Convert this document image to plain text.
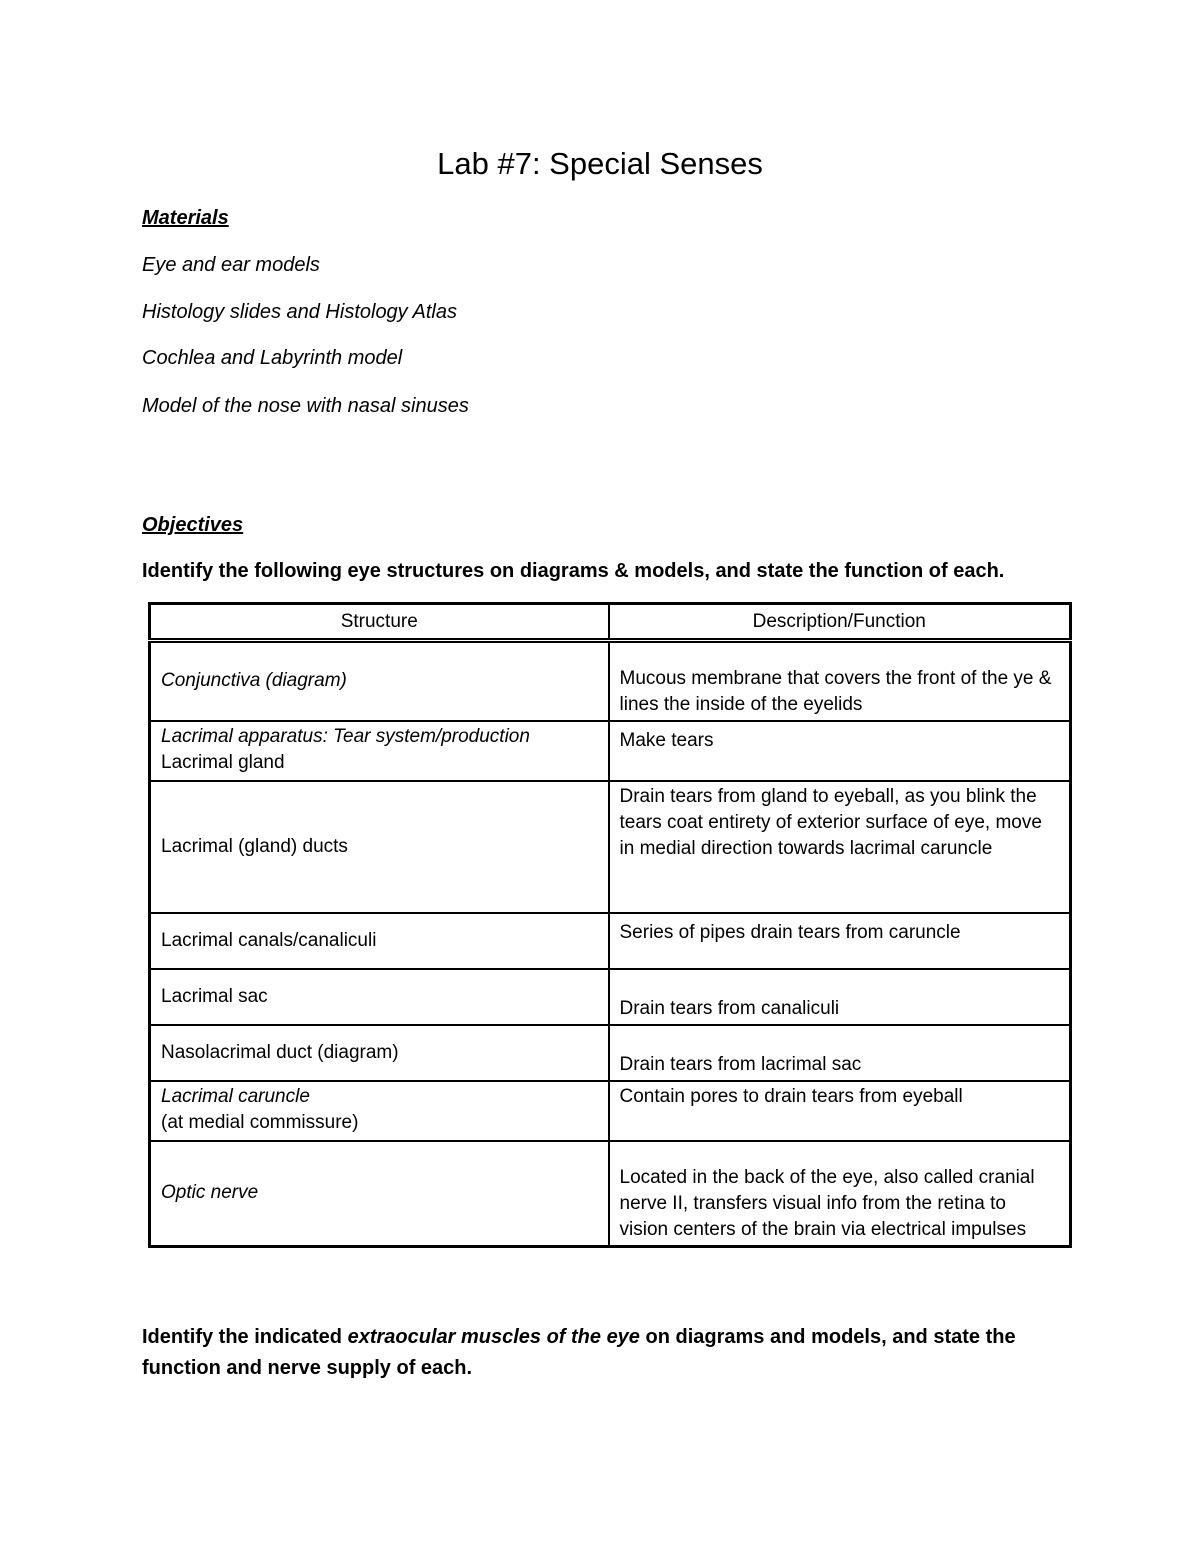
Lab #7: Special Senses
Materials
Eye and ear models
Histology slides and Histology Atlas
Cochlea and Labyrinth model
Model of the nose with nasal sinuses
Objectives
Identify the following eye structures on diagrams & models, and state the function of each.
Structure	Description/Function

Conjunctiva (diagram)	Mucous membrane that covers the front of the ye & lines the inside of the eyelids

Lacrimal apparatus: Tear system/production
Lacrimal gland	Make tears

Lacrimal (gland) ducts	Drain tears from gland to eyeball, as you blink the tears coat entirety of exterior surface of eye, move in medial direction towards lacrimal caruncle

Lacrimal canals/canaliculi	Series of pipes drain tears from caruncle

Lacrimal sac	Drain tears from canaliculi

Nasolacrimal duct (diagram)	Drain tears from lacrimal sac

Lacrimal caruncle
(at medial commissure)	Contain pores to drain tears from eyeball

Optic nerve	Located in the back of the eye, also called cranial nerve II, transfers visual info from the retina to vision centers of the brain via electrical impulses
Identify the indicated extraocular muscles of the eye on diagrams and models, and state the function and nerve supply of each.
